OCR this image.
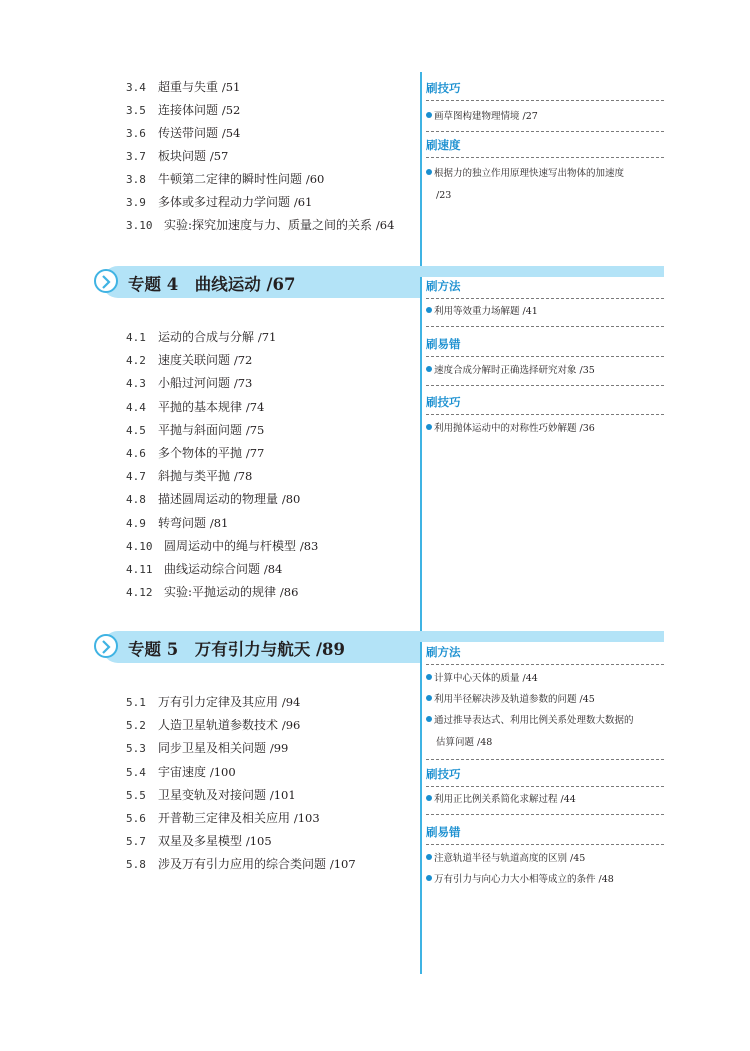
3.4 超重与失重 /51
3.5 连接体问题 /52
3.6 传送带问题 /54
3.7 板块问题 /57
3.8 牛顿第二定律的瞬时性问题 /60
3.9 多体或多过程动力学问题 /61
3.10 实验:探究加速度与力、质量之间的关系 /64
专题 4　曲线运动 /67
4.1 运动的合成与分解 /71
4.2 速度关联问题 /72
4.3 小船过河问题 /73
4.4 平抛的基本规律 /74
4.5 平抛与斜面问题 /75
4.6 多个物体的平抛 /77
4.7 斜抛与类平抛 /78
4.8 描述圆周运动的物理量 /80
4.9 转弯问题 /81
4.10 圆周运动中的绳与杆模型 /83
4.11 曲线运动综合问题 /84
4.12 实验:平抛运动的规律 /86
专题 5　万有引力与航天 /89
5.1 万有引力定律及其应用 /94
5.2 人造卫星轨道参数技术 /96
5.3 同步卫星及相关问题 /99
5.4 宇宙速度 /100
5.5 卫星变轨及对接问题 /101
5.6 开普勒三定律及相关应用 /103
5.7 双星及多星模型 /105
5.8 涉及万有引力应用的综合类问题 /107
刷技巧
画草图构建物理情境 /27
刷速度
根据力的独立作用原理快速写出物体的加速度
/23
刷方法
利用等效重力场解题 /41
刷易错
速度合成分解时正确选择研究对象 /35
刷技巧
利用抛体运动中的对称性巧妙解题 /36
刷方法
计算中心天体的质量 /44
利用半径解决涉及轨道参数的问题 /45
通过推导表达式、利用比例关系处理数大数据的
估算问题 /48
刷技巧
利用正比例关系简化求解过程 /44
刷易错
注意轨道半径与轨道高度的区别 /45
万有引力与向心力大小相等成立的条件 /48
